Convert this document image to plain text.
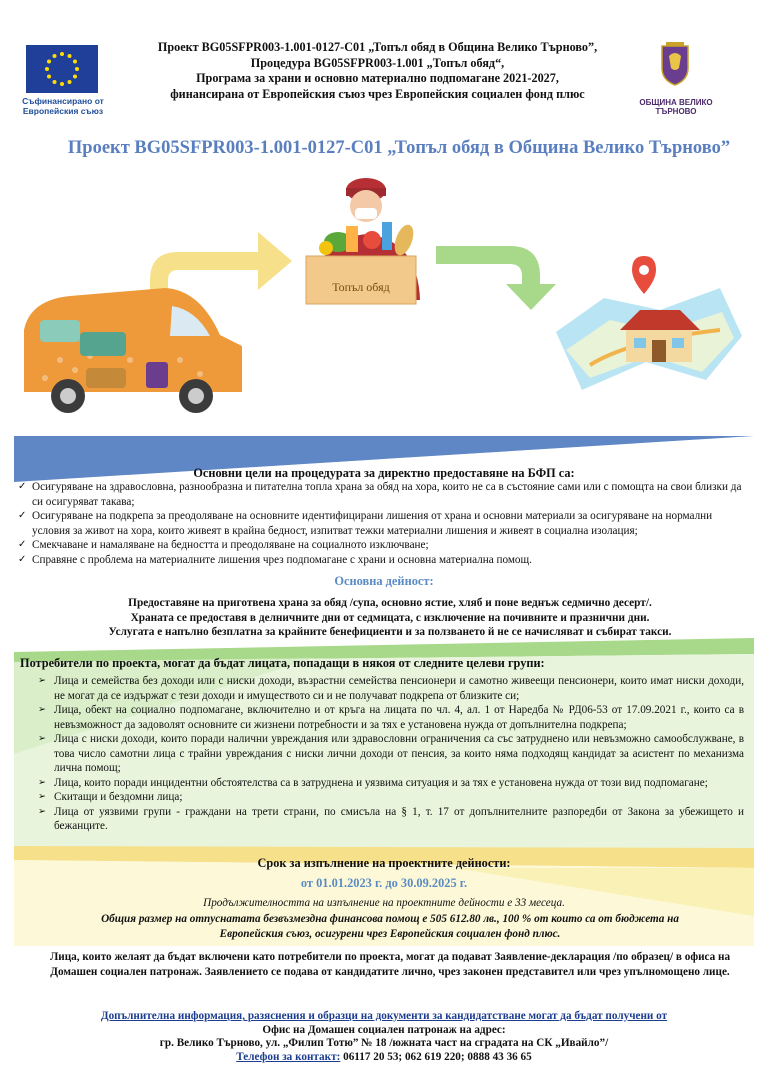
Съфинансирано от Европейския съюз
Проект BG05SFPR003-1.001-0127-С01 „Топъл обяд в Община Велико Търново”,
Процедура BG05SFPR003-1.001 „Топъл обяд“,
Програма за храни и основно материално подпомагане 2021-2027,
финансирана от Европейския съюз чрез Европейския социален фонд плюс
ОБЩИНА ВЕЛИКО ТЪРНОВО
Проект BG05SFPR003-1.001-0127-С01 „Топъл обяд в Община Велико Търново”
Топъл обяд
Основни цели на процедурата за директно предоставяне на БФП са:
✓ Осигуряване на здравословна, разнообразна и питателна топла храна за обяд на хора, които не са в състояние сами или с помощта на свои близки да си осигуряват такава;
✓ Осигуряване на подкрепа за преодоляване на основните идентифицирани лишения от храна и основни материали за осигуряване на нормални условия за живот на хора, които живеят в крайна бедност, изпитват тежки материални лишения и живеят в социална изолация;
✓ Смекчаване и намаляване на бедността и преодоляване на социалното изключване;
✓ Справяне с проблема на материалните лишения чрез подпомагане с храни и основна материална помощ.
Основна дейност:
Предоставяне на приготвена храна за обяд /супа, основно ястие, хляб и поне веднъж седмично десерт/.
Храната се предоставя в делничните дни от седмицата, с изключение на почивните и празнични дни.
Услугата е напълно безплатна за крайните бенефициенти и за ползването й не се начисляват и събират такси.
Потребители по проекта, могат да бъдат лицата, попадащи в някоя от следните целеви групи:
➢ Лица и семейства без доходи или с ниски доходи, възрастни семейства пенсионери и самотно живеещи пенсионери, които имат ниски доходи, не могат да се издържат с тези доходи и имуществото си и не получават подкрепа от близките си;
➢ Лица, обект на социално подпомагане, включително и от кръга на лицата по чл. 4, ал. 1 от Наредба № РД06-53 от 17.09.2021 г., които са в невъзможност да задоволят основните си жизнени потребности и за тях е установена нужда от допълнителна подкрепа;
➢ Лица с ниски доходи, които поради налични увреждания или здравословни ограничения са със затруднено или невъзможно самообслужване, в това число самотни лица с трайни увреждания с ниски лични доходи от пенсия, за които няма подходящ кандидат за асистент по механизма лична помощ;
➢ Лица, които поради инцидентни обстоятелства са в затруднена и уязвима ситуация и за тях е установена нужда от този вид подпомагане;
➢ Скитащи и бездомни лица;
➢ Лица от уязвими групи - граждани на трети страни, по смисъла на § 1, т. 17 от допълнителните разпоредби от Закона за убежището и бежанците.
Срок за изпълнение на проектните дейности:
от 01.01.2023 г. до 30.09.2025 г.
Продължителността на изпълнение на проектните дейности е 33 месеца.
Общия размер на отпуснатата безвъзмездна финансова помощ е 505 612.80 лв., 100 % от които са от бюджета на Европейския съюз, осигурени чрез Европейския социален фонд плюс.
Лица, които желаят да бъдат включени като потребители по проекта, могат да подават Заявление-декларация /по образец/ в офиса на Домашен социален патронаж. Заявлението се подава от кандидатите лично, чрез законен представител или чрез упълномощено лице.
Допълнителна информация, разяснения и образци на документи за кандидатстване могат да бъдат получени от
Офис на Домашен социален патронаж на адрес:
гр. Велико Търново, ул. „Филип Тотю” № 18 /южната част на сградата на СК „Ивайло”/
Телефон за контакт: 06117 20 53; 062 619 220; 0888 43 36 65
